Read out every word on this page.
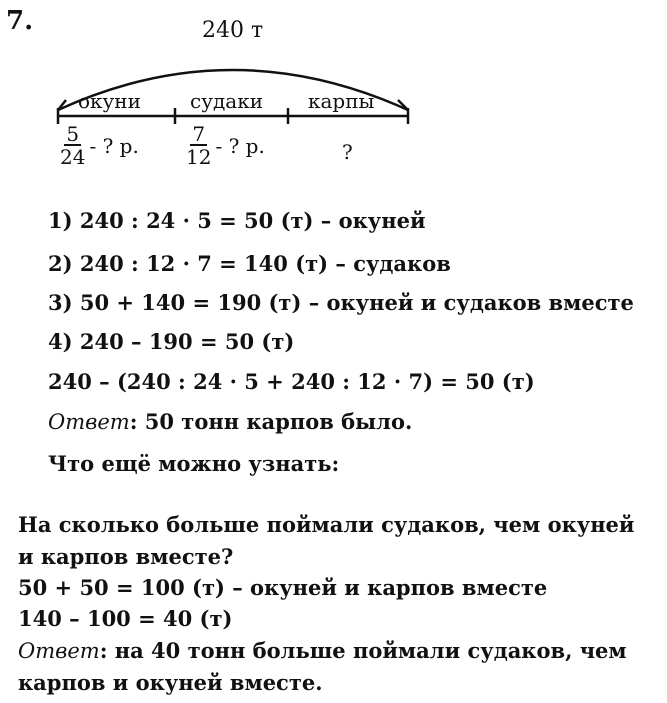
7.	240 т
окуни судаки карпы
$\frac{5}{24}$ - ? р. $\frac{7}{12}$ - ? р.	?
1) 240 : 24 · 5 = 50 (т) – окуней
2) 240 : 12 · 7 = 140 (т) – судаков
3) 50 + 140 = 190 (т) – окуней и судаков вместе
4) 240 – 190 = 50 (т)
240 – (240 : 24 · 5 + 240 : 12 · 7) = 50 (т)
Ответ: 50 тонн карпов было.
Что ещё можно узнать:
На сколько больше поймали судаков, чем окуней
и карпов вместе?
50 + 50 = 100 (т) – окуней и карпов вместе
140 – 100 = 40 (т)
Ответ: на 40 тонн больше поймали судаков, чем
карпов и окуней вместе.
